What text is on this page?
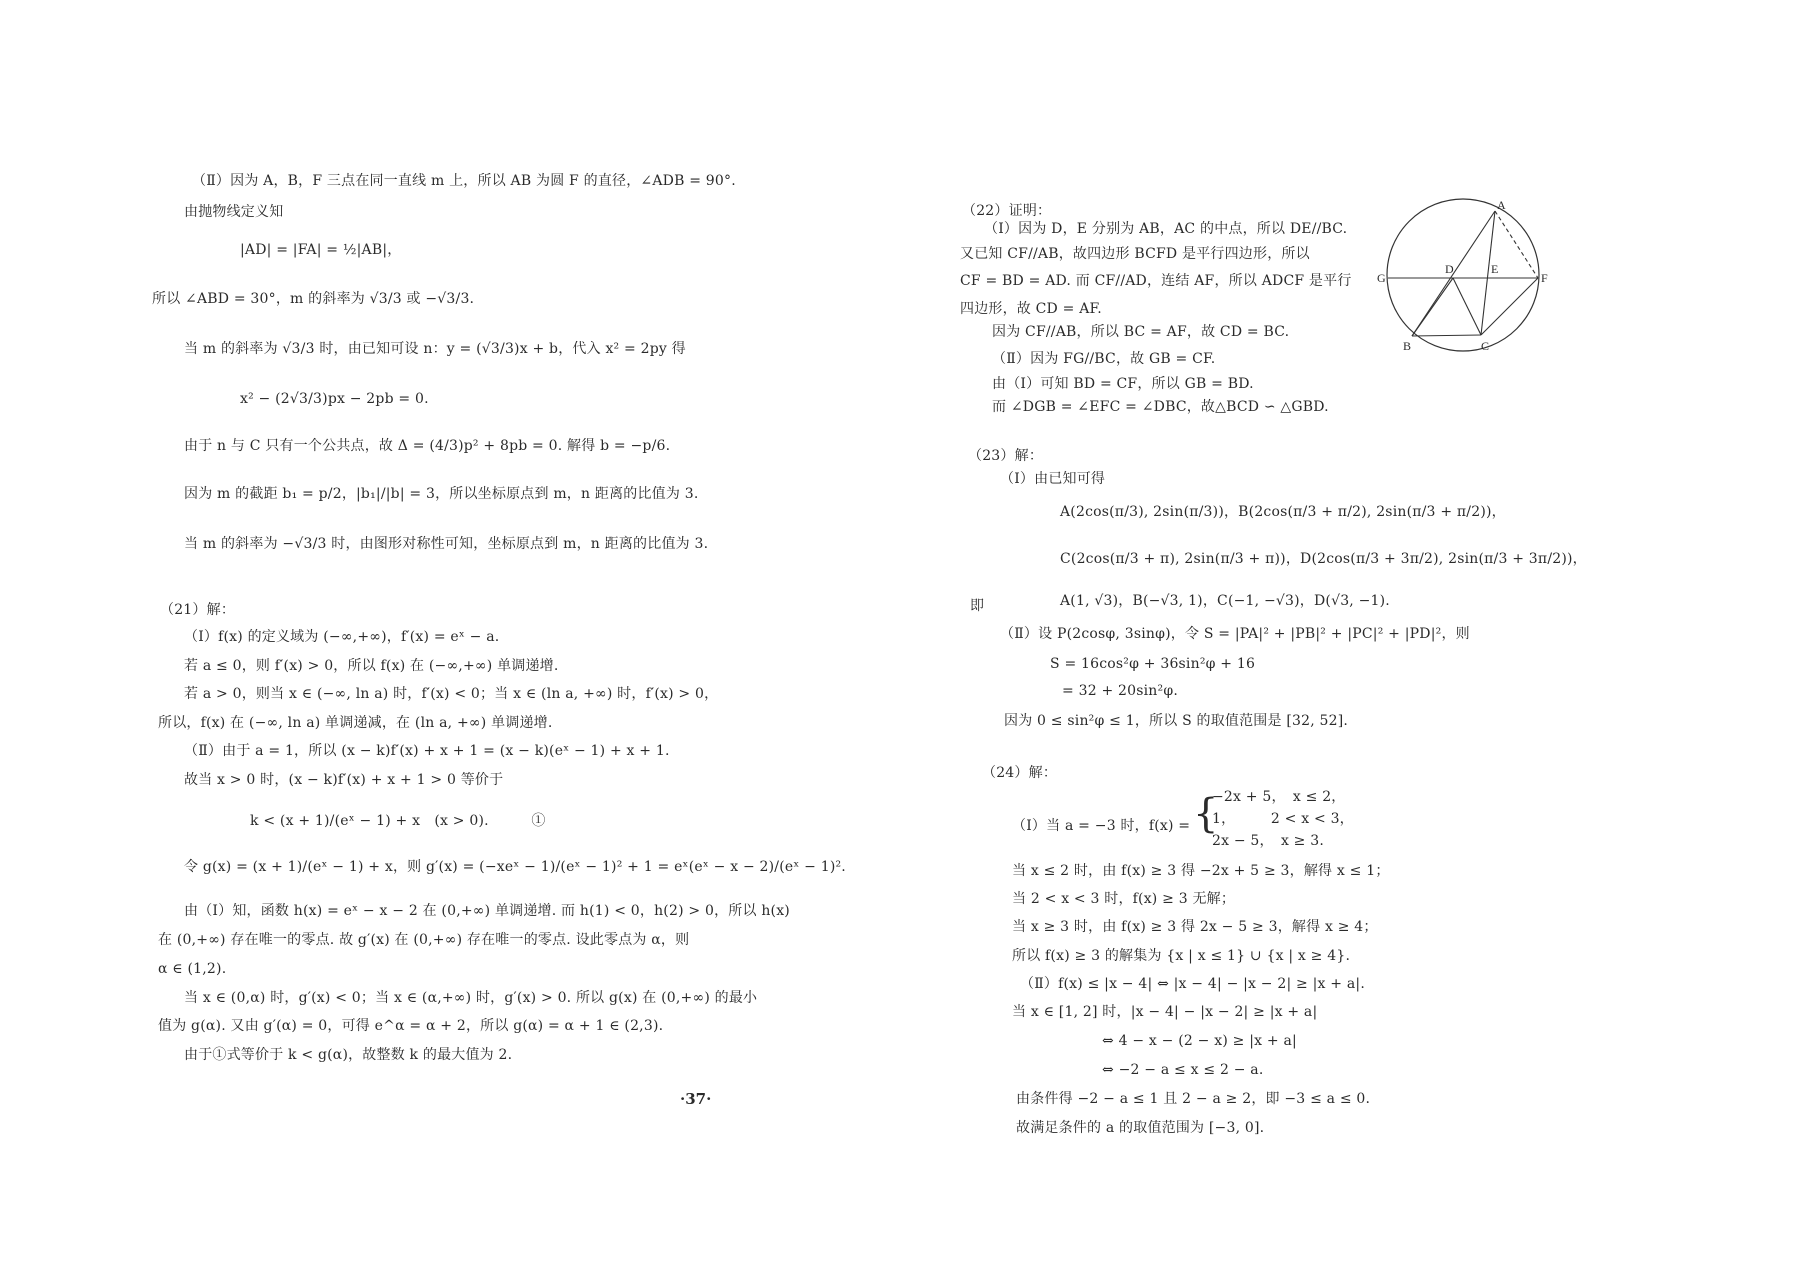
（Ⅱ）因为 A，B，F 三点在同一直线 m 上，所以 AB 为圆 F 的直径，∠ADB = 90°.
由抛物线定义知
|AD| = |FA| = ½|AB|，
所以 ∠ABD = 30°，m 的斜率为 √3/3 或 −√3/3.
当 m 的斜率为 √3/3 时，由已知可设 n：y = (√3/3)x + b，代入 x² = 2py 得
x² − (2√3/3)px − 2pb = 0.
由于 n 与 C 只有一个公共点，故 Δ = (4/3)p² + 8pb = 0. 解得 b = −p/6.
因为 m 的截距 b₁ = p/2，|b₁|/|b| = 3，所以坐标原点到 m，n 距离的比值为 3.
当 m 的斜率为 −√3/3 时，由图形对称性可知，坐标原点到 m，n 距离的比值为 3.
（21）解：
（Ⅰ）f(x) 的定义域为 (−∞,+∞)，f′(x) = eˣ − a.
若 a ≤ 0，则 f′(x) > 0，所以 f(x) 在 (−∞,+∞) 单调递增.
若 a > 0，则当 x ∈ (−∞, ln a) 时，f′(x) < 0；当 x ∈ (ln a, +∞) 时，f′(x) > 0，
所以，f(x) 在 (−∞, ln a) 单调递减，在 (ln a, +∞) 单调递增.
（Ⅱ）由于 a = 1，所以 (x − k)f′(x) + x + 1 = (x − k)(eˣ − 1) + x + 1.
故当 x > 0 时，(x − k)f′(x) + x + 1 > 0 等价于
k < (x + 1)/(eˣ − 1) + x　(x > 0).　　　①
令 g(x) = (x + 1)/(eˣ − 1) + x，则 g′(x) = (−xeˣ − 1)/(eˣ − 1)² + 1 = eˣ(eˣ − x − 2)/(eˣ − 1)².
由（Ⅰ）知，函数 h(x) = eˣ − x − 2 在 (0,+∞) 单调递增. 而 h(1) < 0，h(2) > 0，所以 h(x)
在 (0,+∞) 存在唯一的零点. 故 g′(x) 在 (0,+∞) 存在唯一的零点. 设此零点为 α，则
α ∈ (1,2).
当 x ∈ (0,α) 时，g′(x) < 0；当 x ∈ (α,+∞) 时，g′(x) > 0. 所以 g(x) 在 (0,+∞) 的最小
值为 g(α). 又由 g′(α) = 0，可得 e^α = α + 2，所以 g(α) = α + 1 ∈ (2,3).
由于①式等价于 k < g(α)，故整数 k 的最大值为 2.
·37·
（22）证明：
（Ⅰ）因为 D，E 分别为 AB，AC 的中点，所以 DE//BC.
又已知 CF//AB，故四边形 BCFD 是平行四边形，所以
CF = BD = AD. 而 CF//AD，连结 AF，所以 ADCF 是平行
四边形，故 CD = AF.
因为 CF//AB，所以 BC = AF，故 CD = BC.
（Ⅱ）因为 FG//BC，故 GB = CF.
由（Ⅰ）可知 BD = CF，所以 GB = BD.
而 ∠DGB = ∠EFC = ∠DBC，故△BCD ∽ △GBD.
（23）解：
（Ⅰ）由已知可得
A(2cos(π/3), 2sin(π/3))，B(2cos(π/3 + π/2), 2sin(π/3 + π/2))，
C(2cos(π/3 + π), 2sin(π/3 + π))，D(2cos(π/3 + 3π/2), 2sin(π/3 + 3π/2))，
即	A(1, √3)，B(−√3, 1)，C(−1, −√3)，D(√3, −1).
（Ⅱ）设 P(2cosφ, 3sinφ)，令 S = |PA|² + |PB|² + |PC|² + |PD|²，则
S = 16cos²φ + 36sin²φ + 16
= 32 + 20sin²φ.
因为 0 ≤ sin²φ ≤ 1，所以 S 的取值范围是 [32, 52].
（24）解：
（Ⅰ）当 a = −3 时，f(x) = {
−2x + 5，　x ≤ 2，
1，　　　2 < x < 3，
2x − 5，　x ≥ 3.
当 x ≤ 2 时，由 f(x) ≥ 3 得 −2x + 5 ≥ 3，解得 x ≤ 1；
当 2 < x < 3 时，f(x) ≥ 3 无解；
当 x ≥ 3 时，由 f(x) ≥ 3 得 2x − 5 ≥ 3，解得 x ≥ 4；
所以 f(x) ≥ 3 的解集为 {x | x ≤ 1} ∪ {x | x ≥ 4}.
（Ⅱ）f(x) ≤ |x − 4| ⇔ |x − 4| − |x − 2| ≥ |x + a|.
当 x ∈ [1, 2] 时，|x − 4| − |x − 2| ≥ |x + a|
⇔ 4 − x − (2 − x) ≥ |x + a|
⇔ −2 − a ≤ x ≤ 2 − a.
由条件得 −2 − a ≤ 1 且 2 − a ≥ 2，即 −3 ≤ a ≤ 0.
故满足条件的 a 的取值范围为 [−3, 0].
A
E
D
G	F
B	C
